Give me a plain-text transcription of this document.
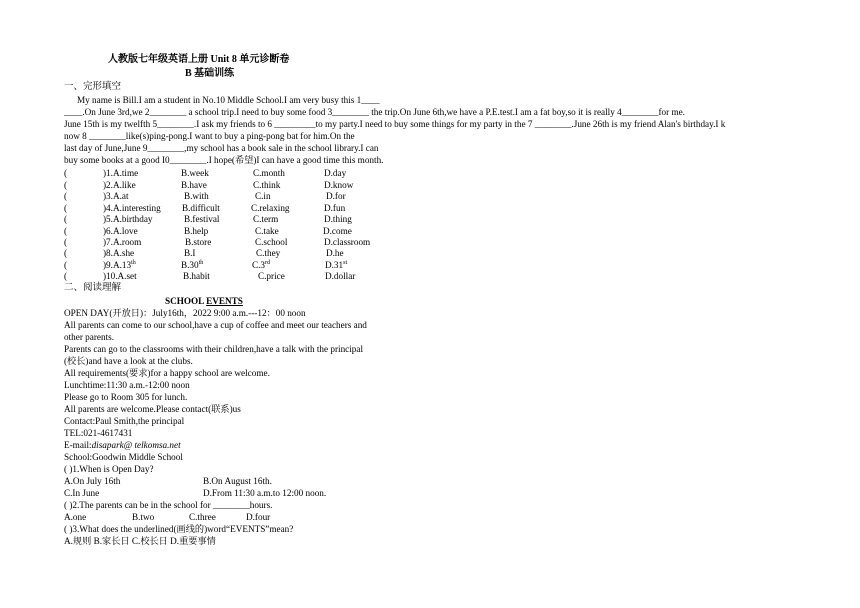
人教版七年级英语上册 Unit 8 单元诊断卷
B 基础训练
一、完形填空
My name is Bill.I am a student in No.10 Middle School.I am very busy this 1____
____.On June 3rd,we 2________ a school trip.I need to buy some food 3________ the trip.On June 6th,we have a P.E.test.I am a fat boy,so it is really 4________for me.
June 15th is my twelfth 5________.I ask my friends to 6 _________to my party.I need to buy some things for my party in the 7 ________.June 26th is my friend Alan's birthday.I k
now 8 ________like(s)ping-pong.I want to buy a ping-pong bat for him.On the
last day of June,June 9________,my school has a book sale in the school library.I can
buy some books at a good I0________.I hope(希望)I can have a good time this month.
(	)1.A.time	B.week	C.month	D.day
(	)2.A.like	B.have	C.think	D.know
(	)3.A.at	B.with	C.in	D.for
(	)4.A.interesting B.difficult	C.relaxing	D.fun
(	)5.A.birthday	B.festival	C.term	D.thing
(	)6.A.love	B.help	C.take	D.come
(	)7.A.room	B.store	C.school	D.classroom
(	)8.A.she	B.I	C.they	D.he
(	)9.A.13th	B.30th	C.3rd	D.31st
(	)10.A.set	B.habit	C.price	D.dollar
二、阅读理解
SCHOOL EVENTS
OPEN DAY(开放日)：July16th，2022 9:00 a.m.---12：00 noon
All parents can come to our school,have a cup of coffee and meet our teachers and
other parents.
Parents can go to the classrooms with their children,have a talk with the principal
(校长)and have a look at the clubs.
All requirements(要求)for a happy school are welcome.
Lunchtime:11:30 a.m.-12:00 noon
Please go to Room 305 for lunch.
All parents are welcome.Please contact(联系)us
Contact:Paul Smith,the principal
TEL:021-4617431
E-mail:disapark@ telkomsa.net
School:Goodwin Middle School
( )1.When is Open Day?
A.On July 16th	B.On August 16th.
C.In June	D.From 11:30 a.m.to 12:00 noon.
( )2.The parents can be in the school for ________hours.
A.one	B.two	C.three	D.four
( )3.What does the underlined(画线的)word“EVENTS”mean?
A.规则 B.家长日 C.校长日 D.重要事情
